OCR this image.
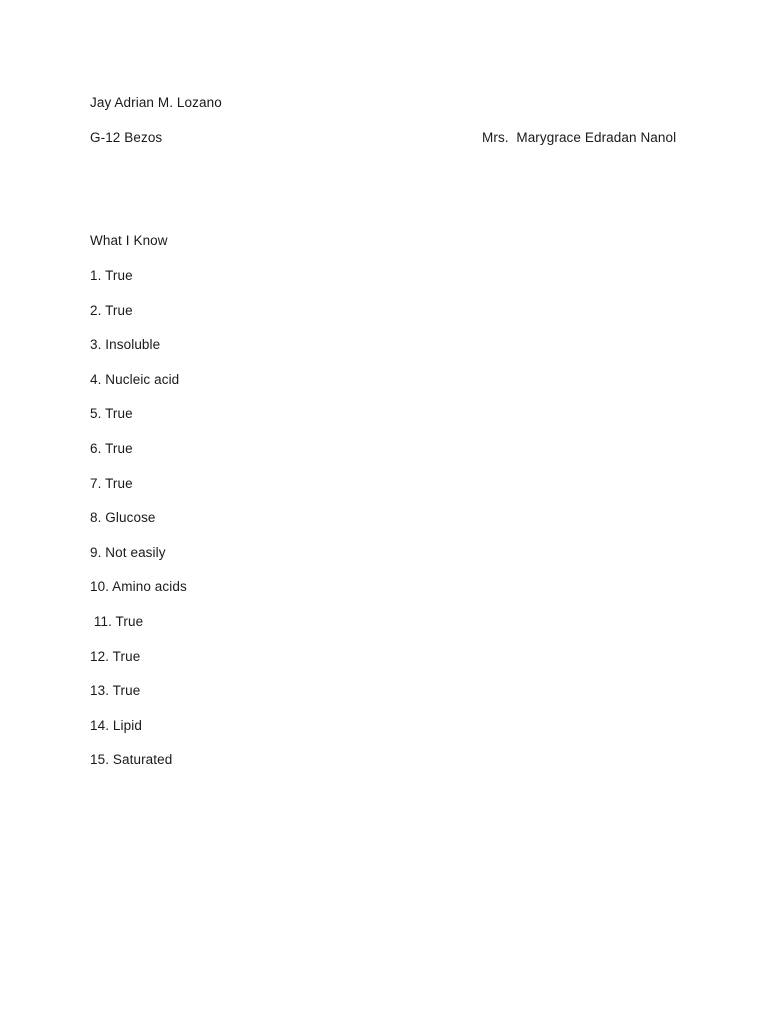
Jay Adrian M. Lozano
G-12 Bezos	Mrs.  Marygrace Edradan Nanol
What I Know
1. True
2. True
3. Insoluble
4. Nucleic acid
5. True
6. True
7. True
8. Glucose
9. Not easily
10. Amino acids
11. True
12. True
13. True
14. Lipid
15. Saturated
